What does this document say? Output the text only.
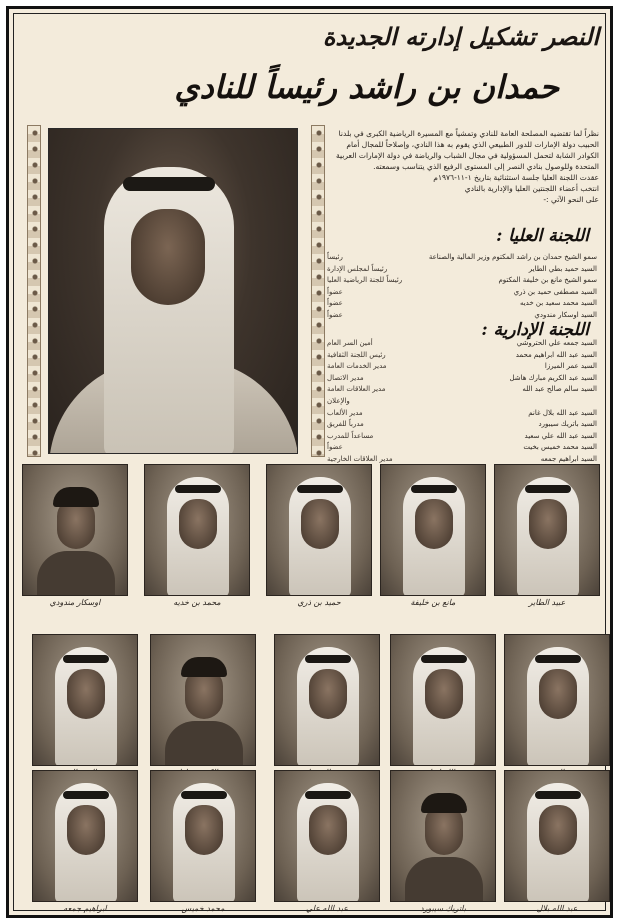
النصر تشكيل إدارته الجديدة
حمدان بن راشد رئيساً للنادي

نظراً لما تقتضيه المصلحة العامة للنادي وتمشياً مع المسيرة الرياضية الكبرى في بلدنا الحبيب دولة الإمارات للدور الطبيعي الذي يقوم به هذا النادي، وإصلاحاً للمجال أمام الكوادر الشابة لتحمل المسؤولية في مجال الشباب والرياضة في دولة الإمارات العربية المتحدة وللوصول بنادي النصر إلى المستوى الرفيع الذي يتناسب وسمعته.

عقدت اللجنة العليا جلسة استثنائية بتاريخ ١-١١-١٩٧٦م

انتخب أعضاء اللجنتين العليا والإدارية بالنادي

على النحو الآتي :-

اللجنة العليا :
سمو الشيخ حمدان بن راشد المكتوم وزير المالية والصناعة
رئيساً
السيد حميد بطي الطاير
رئيساً لمجلس الإدارة
سمو الشيخ مانع بن خليفة المكتوم
رئيساً للجنة الرياضية العليا
السيد مصطفى حميد بن ذري
عضواً
السيد محمد سعيد بن خديه
عضواً
السيد اوسكار مندودي
عضواً
اللجنة الإدارية :
السيد جمعه علي الحتروشي
أمين السر العام
السيد عبد الله ابراهيم محمد
رئيس اللجنة الثقافية
السيد عمر الميرزا
مدير الخدمات العامة
السيد عبد الكريم مبارك هاشل
مدير الاتصال
السيد سالم صالح عبد الله
مدير العلاقات العامة
والإعلان
السيد عبد الله بلال غانم
مدير الألعاب
السيد باتريك سيبورد
مدرباً للفريق
السيد عبد الله علي سعيد
مساعداً للمدرب
السيد محمد خميس بخيت
عضواً
السيد ابراهيم جمعه
مدير العلاقات الخارجية
عبيد الطاير
مانع بن خليفة
حميد بن ذري
محمد بن خديه
اوسكار مندودي
عبد الله بلال
باتريك سيبورد
عبد الله علي
محمد خميس
ابراهيم جمعه
